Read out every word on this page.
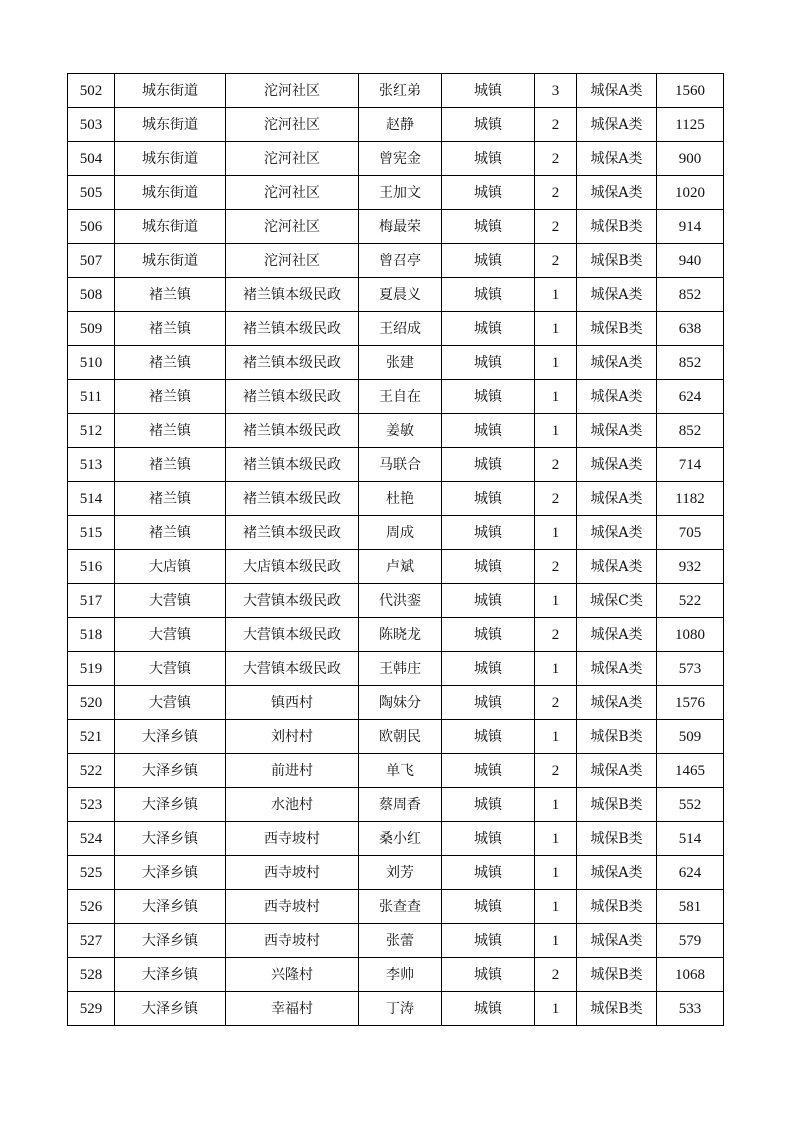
502	城东街道	沱河社区	张红弟	城镇	3	城保A类	1560
503	城东街道	沱河社区	赵静	城镇	2	城保A类	1125
504	城东街道	沱河社区	曾宪金	城镇	2	城保A类	900
505	城东街道	沱河社区	王加文	城镇	2	城保A类	1020
506	城东街道	沱河社区	梅最荣	城镇	2	城保B类	914
507	城东街道	沱河社区	曾召亭	城镇	2	城保B类	940
508	褚兰镇	褚兰镇本级民政	夏晨义	城镇	1	城保A类	852
509	褚兰镇	褚兰镇本级民政	王绍成	城镇	1	城保B类	638
510	褚兰镇	褚兰镇本级民政	张建	城镇	1	城保A类	852
511	褚兰镇	褚兰镇本级民政	王自在	城镇	1	城保A类	624
512	褚兰镇	褚兰镇本级民政	姜敏	城镇	1	城保A类	852
513	褚兰镇	褚兰镇本级民政	马联合	城镇	2	城保A类	714
514	褚兰镇	褚兰镇本级民政	杜艳	城镇	2	城保A类	1182
515	褚兰镇	褚兰镇本级民政	周成	城镇	1	城保A类	705
516	大店镇	大店镇本级民政	卢斌	城镇	2	城保A类	932
517	大营镇	大营镇本级民政	代洪銮	城镇	1	城保C类	522
518	大营镇	大营镇本级民政	陈晓龙	城镇	2	城保A类	1080
519	大营镇	大营镇本级民政	王韩庄	城镇	1	城保A类	573
520	大营镇	镇西村	陶妹分	城镇	2	城保A类	1576
521	大泽乡镇	刘村村	欧朝民	城镇	1	城保B类	509
522	大泽乡镇	前进村	单飞	城镇	2	城保A类	1465
523	大泽乡镇	水池村	蔡周香	城镇	1	城保B类	552
524	大泽乡镇	西寺坡村	桑小红	城镇	1	城保B类	514
525	大泽乡镇	西寺坡村	刘芳	城镇	1	城保A类	624
526	大泽乡镇	西寺坡村	张查查	城镇	1	城保B类	581
527	大泽乡镇	西寺坡村	张蕾	城镇	1	城保A类	579
528	大泽乡镇	兴隆村	李帅	城镇	2	城保B类	1068
529	大泽乡镇	幸福村	丁涛	城镇	1	城保B类	533
